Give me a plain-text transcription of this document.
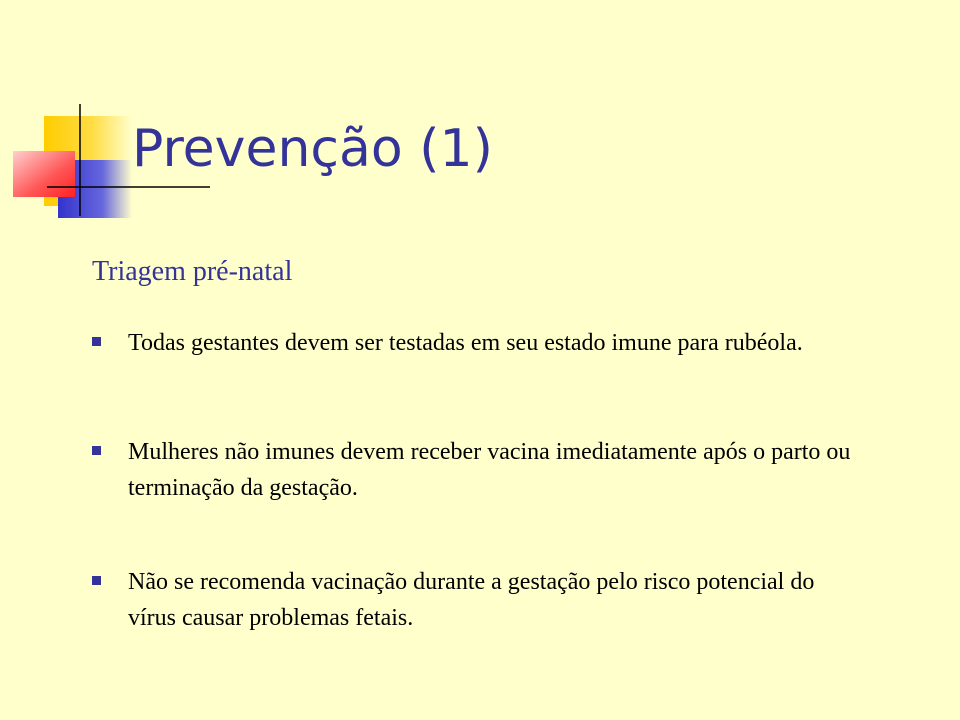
Prevenção (1)
Triagem pré-natal
Todas gestantes devem ser testadas em seu estado imune para rubéola.
Mulheres não imunes devem receber vacina imediatamente após o parto ou terminação da gestação.
Não se recomenda vacinação durante a gestação pelo risco potencial do vírus causar problemas fetais.
